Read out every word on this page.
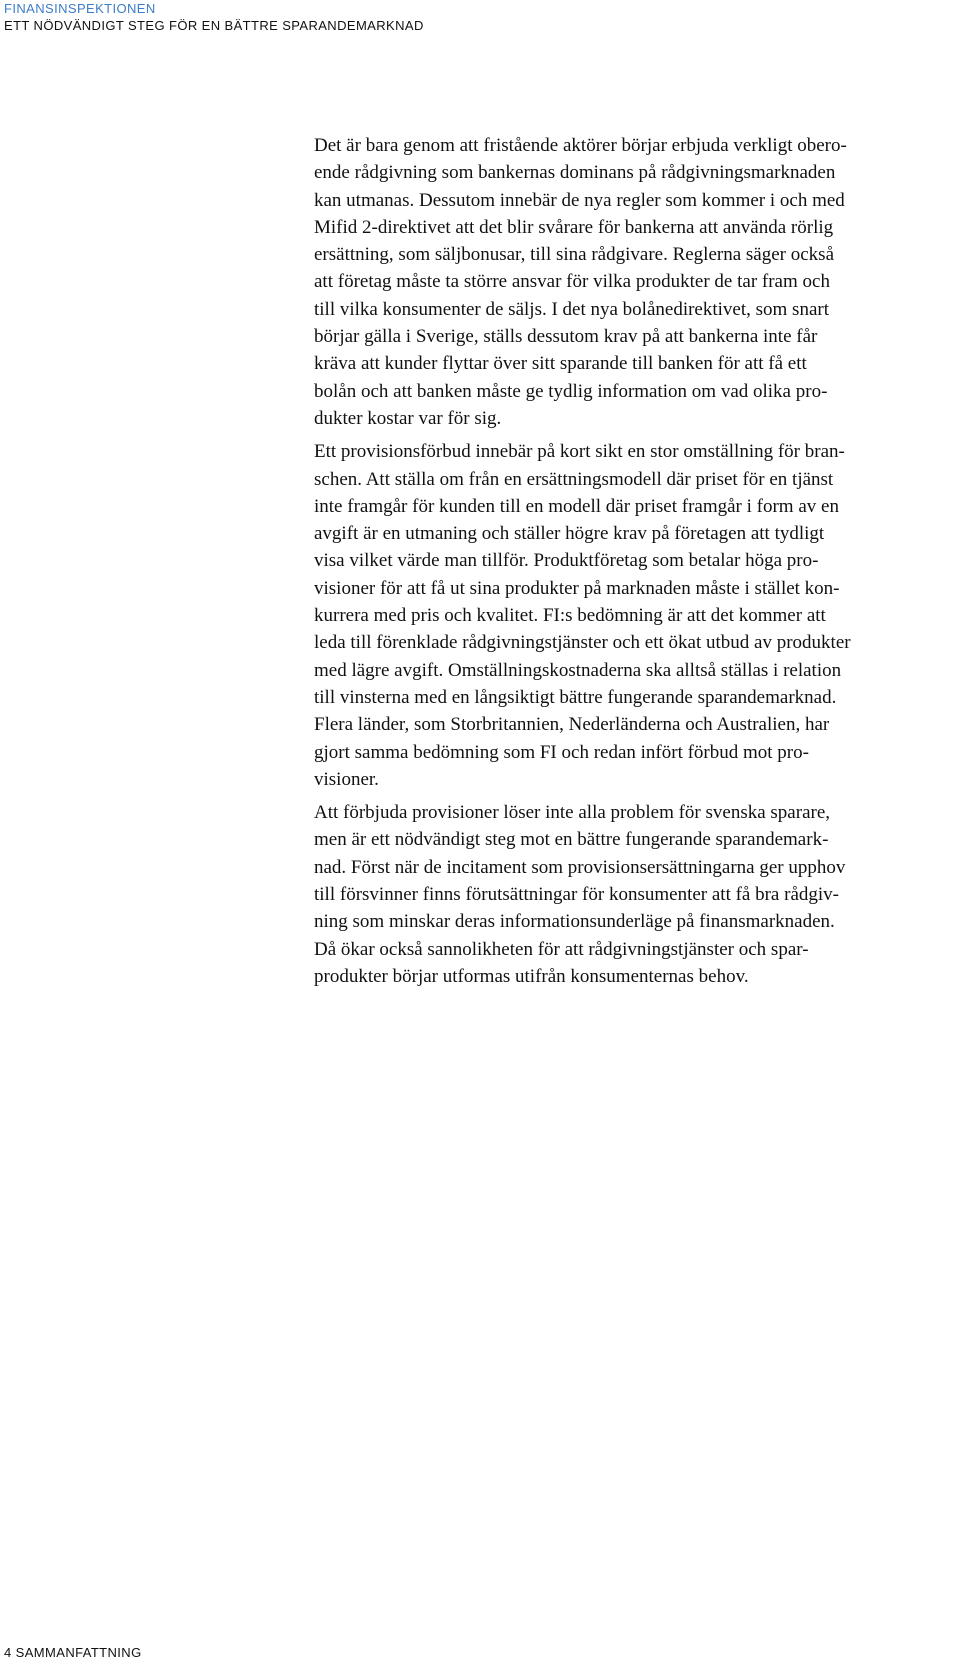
FINANSINSPEKTIONEN
ETT NÖDVÄNDIGT STEG FÖR EN BÄTTRE SPARANDEMARKNAD

Det är bara genom att fristående aktörer börjar erbjuda verkligt obero-
ende rådgivning som bankernas dominans på rådgivningsmarknaden
kan utmanas. Dessutom innebär de nya regler som kommer i och med
Mifid 2-direktivet att det blir svårare för bankerna att använda rörlig
ersättning, som säljbonusar, till sina rådgivare. Reglerna säger också
att företag måste ta större ansvar för vilka produkter de tar fram och
till vilka konsumenter de säljs. I det nya bolånedirektivet, som snart
börjar gälla i Sverige, ställs dessutom krav på att bankerna inte får
kräva att kunder flyttar över sitt sparande till banken för att få ett
bolån och att banken måste ge tydlig information om vad olika pro-
dukter kostar var för sig.

Ett provisionsförbud innebär på kort sikt en stor omställning för bran-
schen. Att ställa om från en ersättningsmodell där priset för en tjänst
inte framgår för kunden till en modell där priset framgår i form av en
avgift är en utmaning och ställer högre krav på företagen att tydligt
visa vilket värde man tillför. Produktföretag som betalar höga pro-
visioner för att få ut sina produkter på marknaden måste i stället kon-
kurrera med pris och kvalitet. FI:s bedömning är att det kommer att
leda till förenklade rådgivningstjänster och ett ökat utbud av produkter
med lägre avgift. Omställningskostnaderna ska alltså ställas i relation
till vinsterna med en långsiktigt bättre fungerande sparandemarknad.
Flera länder, som Storbritannien, Nederländerna och Australien, har
gjort samma bedömning som FI och redan infört förbud mot pro-
visioner.

Att förbjuda provisioner löser inte alla problem för svenska sparare,
men är ett nödvändigt steg mot en bättre fungerande sparandemark-
nad. Först när de incitament som provisionsersättningarna ger upphov
till försvinner finns förutsättningar för konsumenter att få bra rådgiv-
ning som minskar deras informationsunderläge på finansmarknaden.
Då ökar också sannolikheten för att rådgivningstjänster och spar-
produkter börjar utformas utifrån konsumenternas behov.

4 SAMMANFATTNING
